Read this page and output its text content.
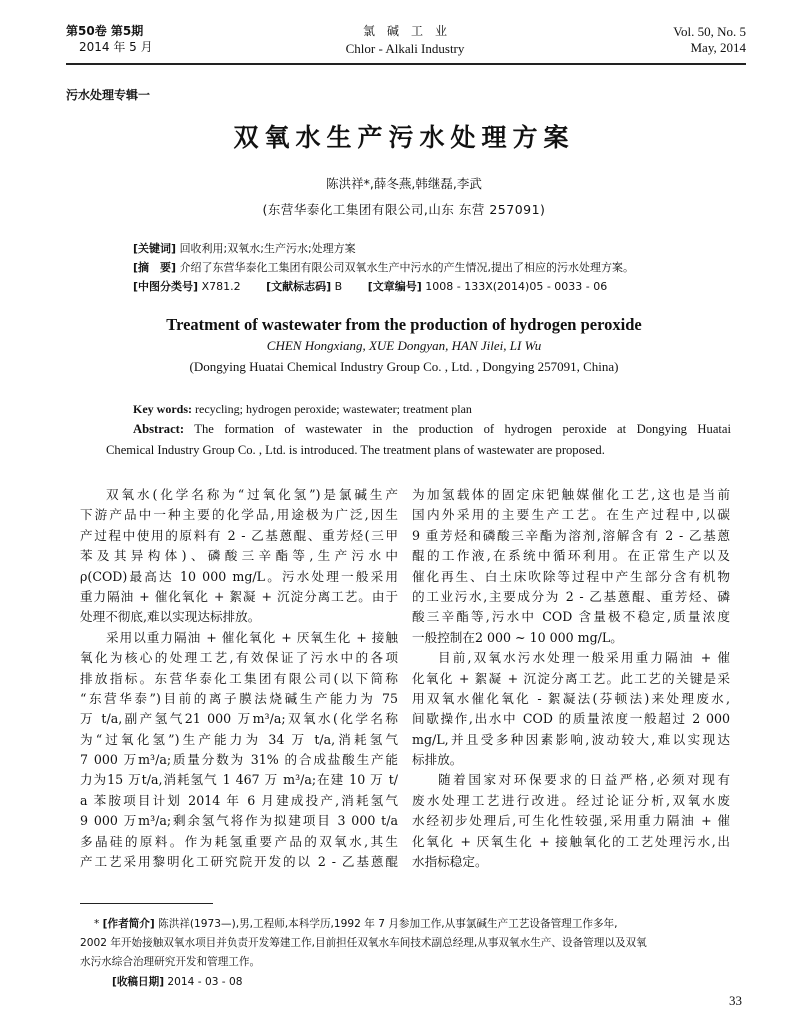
第50卷 第5期
2014 年 5 月
氯　碱　工　业
Chlor - Alkali Industry
Vol. 50, No. 5
May, 2014
污水处理专辑一
双氧水生产污水处理方案
陈洪祥*,薛冬燕,韩继磊,李武
(东营华泰化工集团有限公司,山东 东营 257091)
[关键词] 回收利用;双氧水;生产污水;处理方案
[摘　要] 介绍了东营华泰化工集团有限公司双氧水生产中污水的产生情况,提出了相应的污水处理方案。
[中图分类号] X781.2 [文献标志码] B [文章编号] 1008 - 133X(2014)05 - 0033 - 06
Treatment of wastewater from the production of hydrogen peroxide
CHEN Hongxiang, XUE Dongyan, HAN Jilei, LI Wu
(Dongying Huatai Chemical Industry Group Co. , Ltd. , Dongying 257091, China)
Key words: recycling; hydrogen peroxide; wastewater; treatment plan
Abstract: The formation of wastewater in the production of hydrogen peroxide at Dongying Huatai
Chemical Industry Group Co. , Ltd. is introduced. The treatment plans of wastewater are proposed.
双氧水(化学名称为“过氧化氢”)是氯碱生产
下游产品中一种主要的化学品,用途极为广泛,因生
产过程中使用的原料有 2 - 乙基蒽醌、重芳烃(三甲
苯及其异构体)、磷酸三辛酯等,生产污水中
ρ(COD)最高达 10 000 mg/L。污水处理一般采用
重力隔油 + 催化氧化 + 絮凝 + 沉淀分离工艺。由于
处理不彻底,难以实现达标排放。
采用以重力隔油 + 催化氧化 + 厌氧生化 + 接触
氧化为核心的处理工艺,有效保证了污水中的各项
排放指标。东营华泰化工集团有限公司(以下简称
“东营华泰”)目前的离子膜法烧碱生产能力为 75
万 t/a,副产氢气21 000 万m³/a;双氧水(化学名称
为“过氧化氢”)生产能力为 34 万 t/a,消耗氢气
7 000 万m³/a;质量分数为 31% 的合成盐酸生产能
力为15 万t/a,消耗氢气 1 467 万 m³/a;在建 10 万 t/
a 苯胺项目计划 2014 年 6 月建成投产,消耗氢气
9 000 万m³/a;剩余氢气将作为拟建项目 3 000 t/a
多晶硅的原料。作为耗氢重要产品的双氧水,其生
产工艺采用黎明化工研究院开发的以 2 - 乙基蒽醌
为加氢载体的固定床钯触媒催化工艺,这也是当前
国内外采用的主要生产工艺。在生产过程中,以碳
9 重芳烃和磷酸三辛酯为溶剂,溶解含有 2 - 乙基蒽
醌的工作液,在系统中循环利用。在正常生产以及
催化再生、白土床吹除等过程中产生部分含有机物
的工业污水,主要成分为 2 - 乙基蒽醌、重芳烃、磷
酸三辛酯等,污水中 COD 含量极不稳定,质量浓度
一般控制在2 000 ~ 10 000 mg/L。
目前,双氧水污水处理一般采用重力隔油 + 催
化氧化 + 絮凝 + 沉淀分离工艺。此工艺的关键是采
用双氧水催化氧化 - 絮凝法(芬顿法)来处理废水,
间歇操作,出水中 COD 的质量浓度一般超过 2 000
mg/L,并且受多种因素影响,波动较大,难以实现达
标排放。
随着国家对环保要求的日益严格,必须对现有
废水处理工艺进行改进。经过论证分析,双氧水废
水经初步处理后,可生化性较强,采用重力隔油 + 催
化氧化 + 厌氧生化 + 接触氧化的工艺处理污水,出
水指标稳定。
* [作者简介] 陈洪祥(1973—),男,工程师,本科学历,1992 年 7 月参加工作,从事氯碱生产工艺设备管理工作多年,
2002 年开始接触双氧水项目并负责开发筹建工作,目前担任双氧水车间技术副总经理,从事双氧水生产、设备管理以及双氧
水污水综合治理研究开发和管理工作。
[收稿日期] 2014 - 03 - 08
33
